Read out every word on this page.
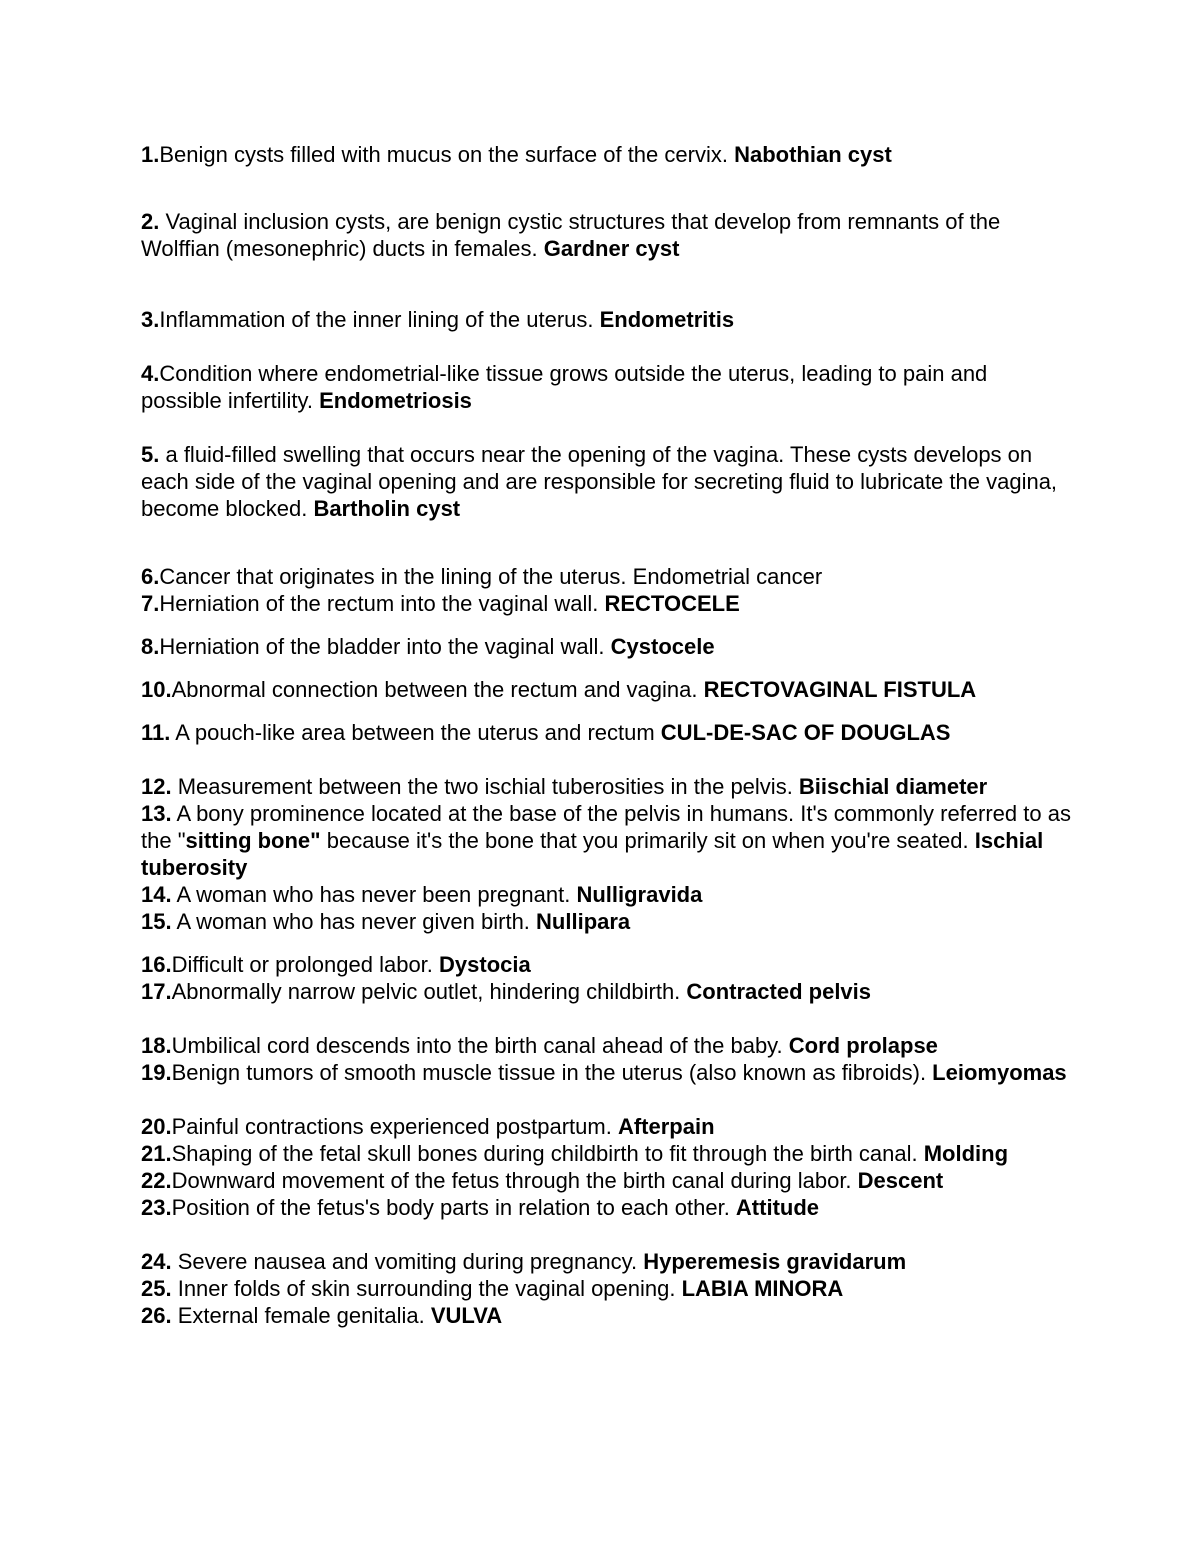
1.Benign cysts filled with mucus on the surface of the cervix. Nabothian cyst

2. Vaginal inclusion cysts, are benign cystic structures that develop from remnants of the Wolffian (mesonephric) ducts in females. Gardner cyst

3.Inflammation of the inner lining of the uterus. Endometritis

4.Condition where endometrial-like tissue grows outside the uterus, leading to pain and possible infertility. Endometriosis

5. a fluid-filled swelling that occurs near the opening of the vagina. These cysts develops on each side of the vaginal opening and are responsible for secreting fluid to lubricate the vagina, become blocked. Bartholin cyst

6.Cancer that originates in the lining of the uterus. Endometrial cancer

7.Herniation of the rectum into the vaginal wall. RECTOCELE

8.Herniation of the bladder into the vaginal wall. Cystocele

10.Abnormal connection between the rectum and vagina. RECTOVAGINAL FISTULA

11. A pouch-like area between the uterus and rectum CUL-DE-SAC OF DOUGLAS

12. Measurement between the two ischial tuberosities in the pelvis. Biischial diameter

13. A bony prominence located at the base of the pelvis in humans. It's commonly referred to as the "sitting bone" because it's the bone that you primarily sit on when you're seated. Ischial tuberosity

14. A woman who has never been pregnant. Nulligravida

15. A woman who has never given birth. Nullipara

16.Difficult or prolonged labor. Dystocia

17.Abnormally narrow pelvic outlet, hindering childbirth. Contracted pelvis

18.Umbilical cord descends into the birth canal ahead of the baby. Cord prolapse

19.Benign tumors of smooth muscle tissue in the uterus (also known as fibroids). Leiomyomas

20.Painful contractions experienced postpartum. Afterpain

21.Shaping of the fetal skull bones during childbirth to fit through the birth canal. Molding

22.Downward movement of the fetus through the birth canal during labor. Descent

23.Position of the fetus's body parts in relation to each other. Attitude

24. Severe nausea and vomiting during pregnancy. Hyperemesis gravidarum

25. Inner folds of skin surrounding the vaginal opening. LABIA MINORA

26. External female genitalia. VULVA
